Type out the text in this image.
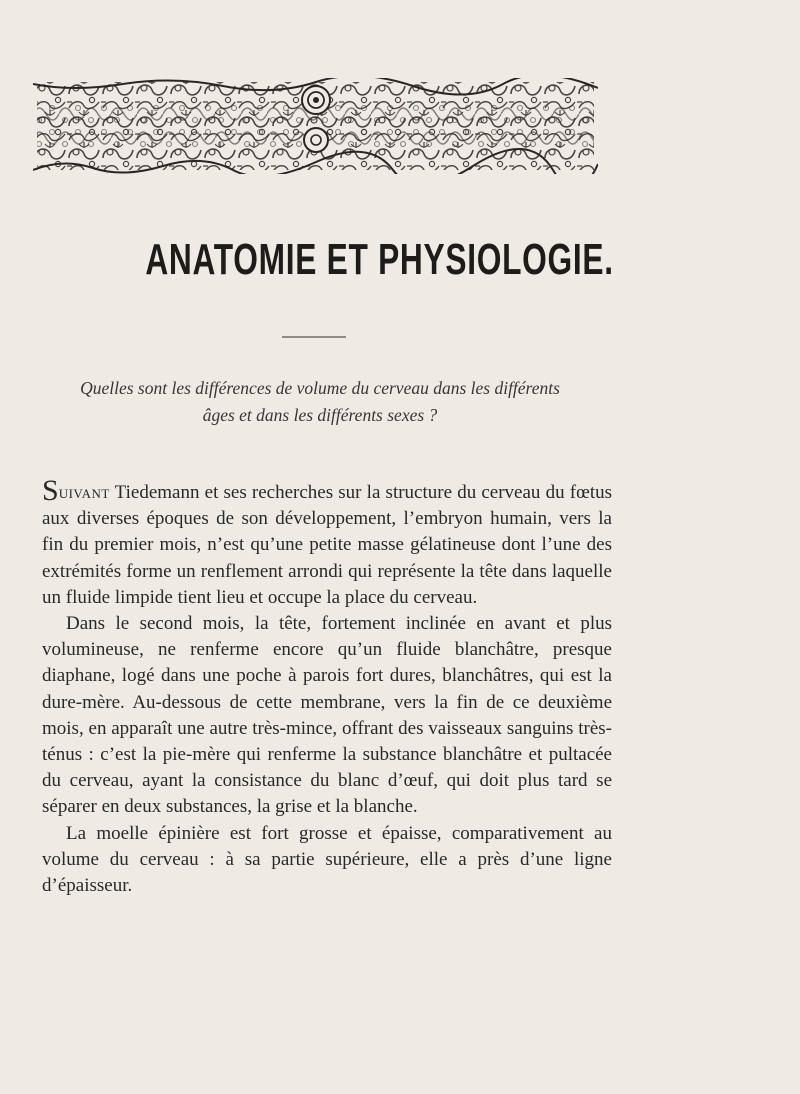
ANATOMIE ET PHYSIOLOGIE.
Quelles sont les différences de volume du cerveau dans les différents
âges et dans les différents sexes ?

Suivant Tiedemann et ses recherches sur la structure du cerveau du fœtus aux diverses époques de son développement, l’embryon humain, vers la fin du premier mois, n’est qu’une petite masse gélatineuse dont l’une des extrémités forme un renflement arrondi qui représente la tête dans laquelle un fluide limpide tient lieu et occupe la place du cerveau.

Dans le second mois, la tête, fortement inclinée en avant et plus volumineuse, ne renferme encore qu’un fluide blanchâtre, presque diaphane, logé dans une poche à parois fort dures, blanchâtres, qui est la dure-mère. Au-dessous de cette membrane, vers la fin de ce deuxième mois, en apparaît une autre très-mince, offrant des vaisseaux sanguins très-ténus : c’est la pie-mère qui renferme la substance blanchâtre et pultacée du cerveau, ayant la consistance du blanc d’œuf, qui doit plus tard se séparer en deux substances, la grise et la blanche.

La moelle épinière est fort grosse et épaisse, comparativement au volume du cerveau : à sa partie supérieure, elle a près d’une ligne d’épaisseur.
